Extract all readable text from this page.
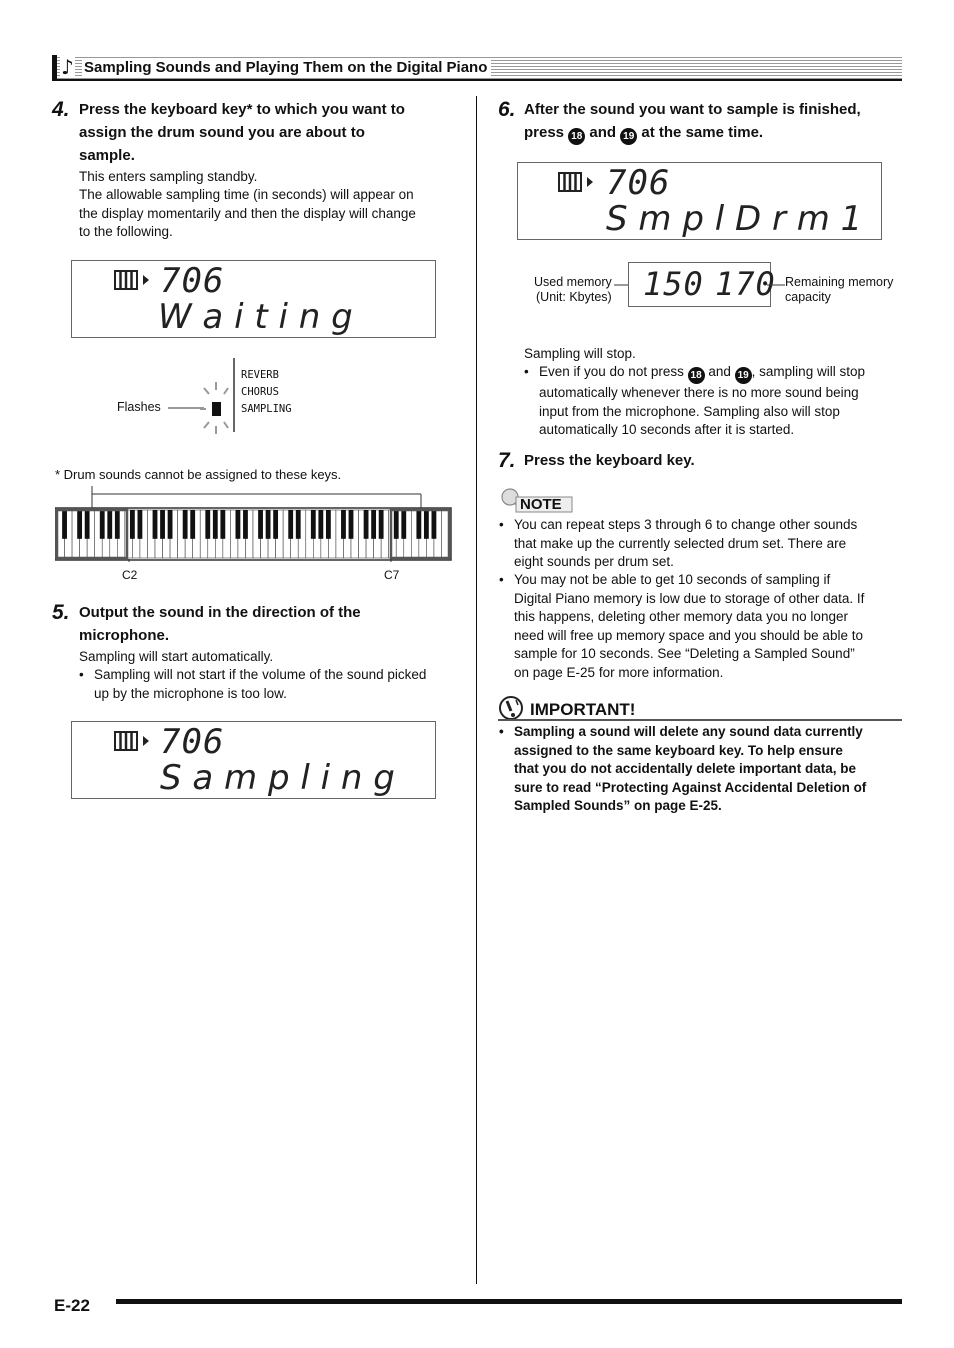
♪ Sampling Sounds and Playing Them on the Digital Piano
4. Press the keyboard key* to which you want to
assign the drum sound you are about to
sample.
This enters sampling standby.
The allowable sampling time (in seconds) will appear on
the display momentarily and then the display will change
to the following.
706
W a i t i n g
Flashes
REVERB
CHORUS
SAMPLING
* Drum sounds cannot be assigned to these keys.
C2	C7
5. Output the sound in the direction of the
microphone.
Sampling will start automatically.
• Sampling will not start if the volume of the sound picked
up by the microphone is too low.
706
S a m p l i n g
6. After the sound you want to sample is finished,
press 18 and 19 at the same time.
706
S m p l D r m 1
Used memory
(Unit: Kbytes) 150 170 Remaining memory
capacity
Sampling will stop.
• Even if you do not press 18 and 19 , sampling will stop
automatically whenever there is no more sound being
input from the microphone. Sampling also will stop
automatically 10 seconds after it is started.
7. Press the keyboard key.
NOTE
• You can repeat steps 3 through 6 to change other sounds
that make up the currently selected drum set. There are
eight sounds per drum set.
• You may not be able to get 10 seconds of sampling if
Digital Piano memory is low due to storage of other data. If
this happens, deleting other memory data you no longer
need will free up memory space and you should be able to
sample for 10 seconds. See “Deleting a Sampled Sound”
on page E-25 for more information.
IMPORTANT!
• Sampling a sound will delete any sound data currently
assigned to the same keyboard key. To help ensure
that you do not accidentally delete important data, be
sure to read “Protecting Against Accidental Deletion of
Sampled Sounds” on page E-25.
E-22
